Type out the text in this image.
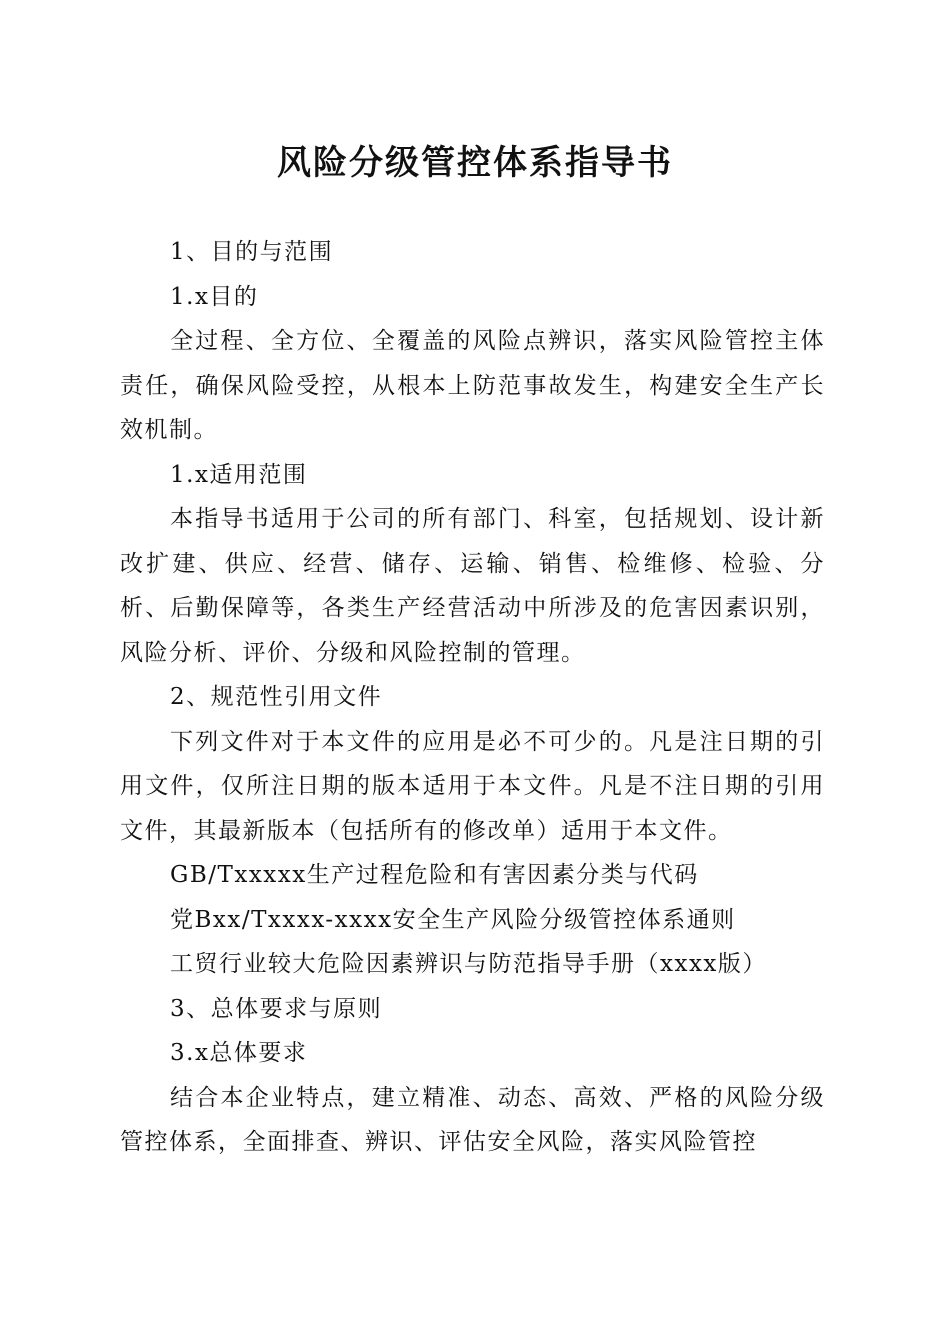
风险分级管控体系指导书

1、目的与范围

1.x目的

全过程、全方位、全覆盖的风险点辨识，落实风险管控主体责任，确保风险受控，从根本上防范事故发生，构建安全生产长效机制。

1.x适用范围

本指导书适用于公司的所有部门、科室，包括规划、设计新改扩建、供应、经营、储存、运输、销售、检维修、检验、分析、后勤保障等，各类生产经营活动中所涉及的危害因素识别，风险分析、评价、分级和风险控制的管理。

2、规范性引用文件

下列文件对于本文件的应用是必不可少的。凡是注日期的引用文件，仅所注日期的版本适用于本文件。凡是不注日期的引用文件，其最新版本（包括所有的修改单）适用于本文件。

GB/Txxxxx生产过程危险和有害因素分类与代码

党Bxx/Txxxx-xxxx安全生产风险分级管控体系通则

工贸行业较大危险因素辨识与防范指导手册（xxxx版）

3、总体要求与原则

3.x总体要求

结合本企业特点，建立精准、动态、高效、严格的风险分级管控体系，全面排查、辨识、评估安全风险，落实风险管控
